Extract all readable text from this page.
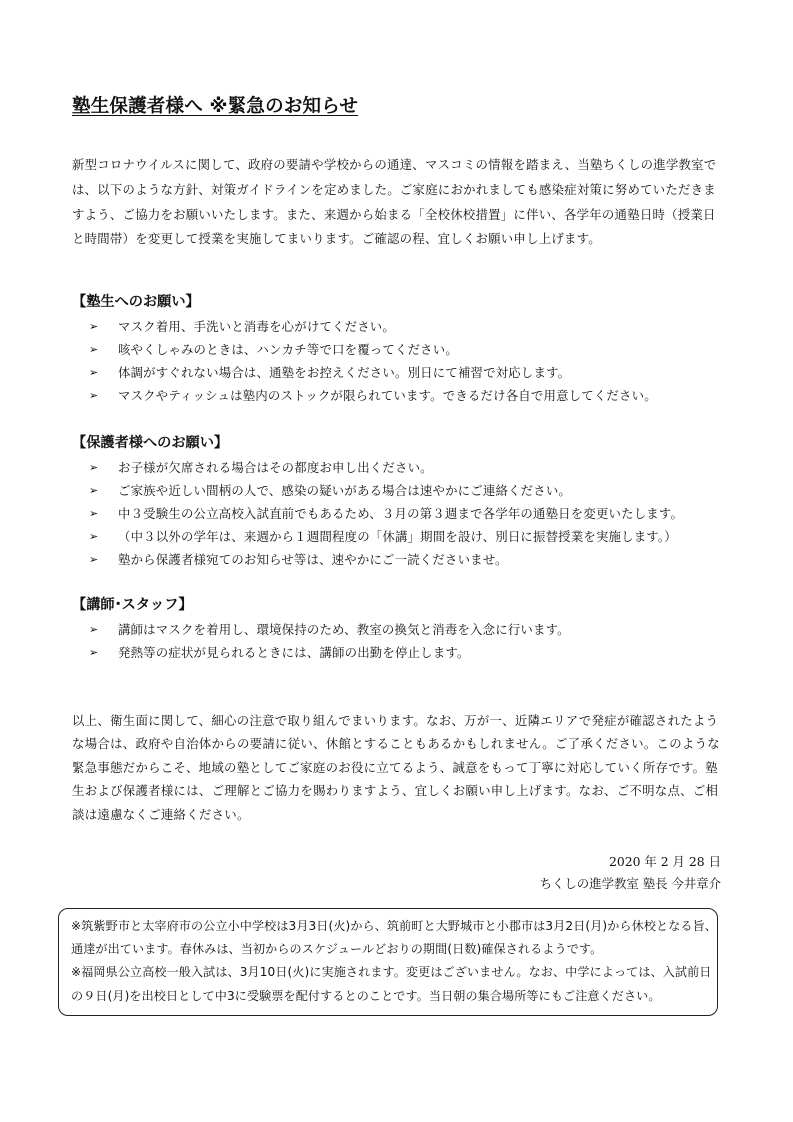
塾生保護者様へ ※緊急のお知らせ
新型コロナウイルスに関して、政府の要請や学校からの通達、マスコミの情報を踏まえ、当塾ちくしの進学教室では、以下のような方針、対策ガイドラインを定めました。ご家庭におかれましても感染症対策に努めていただきますよう、ご協力をお願いいたします。また、来週から始まる「全校休校措置」に伴い、各学年の通塾日時（授業日と時間帯）を変更して授業を実施してまいります。ご確認の程、宜しくお願い申し上げます。
【塾生へのお願い】
➢ マスク着用、手洗いと消毒を心がけてください。
➢ 咳やくしゃみのときは、ハンカチ等で口を覆ってください。
➢ 体調がすぐれない場合は、通塾をお控えください。別日にて補習で対応します。
➢ マスクやティッシュは塾内のストックが限られています。できるだけ各自で用意してください。
【保護者様へのお願い】
➢ お子様が欠席される場合はその都度お申し出ください。
➢ ご家族や近しい間柄の人で、感染の疑いがある場合は速やかにご連絡ください。
➢ 中３受験生の公立高校入試直前でもあるため、３月の第３週まで各学年の通塾日を変更いたします。
➢ （中３以外の学年は、来週から１週間程度の「休講」期間を設け、別日に振替授業を実施します。）
➢ 塾から保護者様宛てのお知らせ等は、速やかにご一読くださいませ。
【講師･スタッフ】
➢ 講師はマスクを着用し、環境保持のため、教室の換気と消毒を入念に行います。
➢ 発熱等の症状が見られるときには、講師の出勤を停止します。
以上、衛生面に関して、細心の注意で取り組んでまいります。なお、万が一、近隣エリアで発症が確認されたような場合は、政府や自治体からの要請に従い、休館とすることもあるかもしれません。ご了承ください。このような緊急事態だからこそ、地域の塾としてご家庭のお役に立てるよう、誠意をもって丁寧に対応していく所存です。塾生および保護者様には、ご理解とご協力を賜わりますよう、宜しくお願い申し上げます。なお、ご不明な点、ご相談は遠慮なくご連絡ください。
2020 年 2 月 28 日
ちくしの進学教室 塾長 今井章介
※筑紫野市と太宰府市の公立小中学校は3月3日(火)から、筑前町と大野城市と小郡市は3月2日(月)から休校となる旨、通達が出ています。春休みは、当初からのスケジュールどおりの期間(日数)確保されるようです。
※福岡県公立高校一般入試は、3月10日(火)に実施されます。変更はございません。なお、中学によっては、入試前日の９日(月)を出校日として中3に受験票を配付するとのことです。当日朝の集合場所等にもご注意ください。
